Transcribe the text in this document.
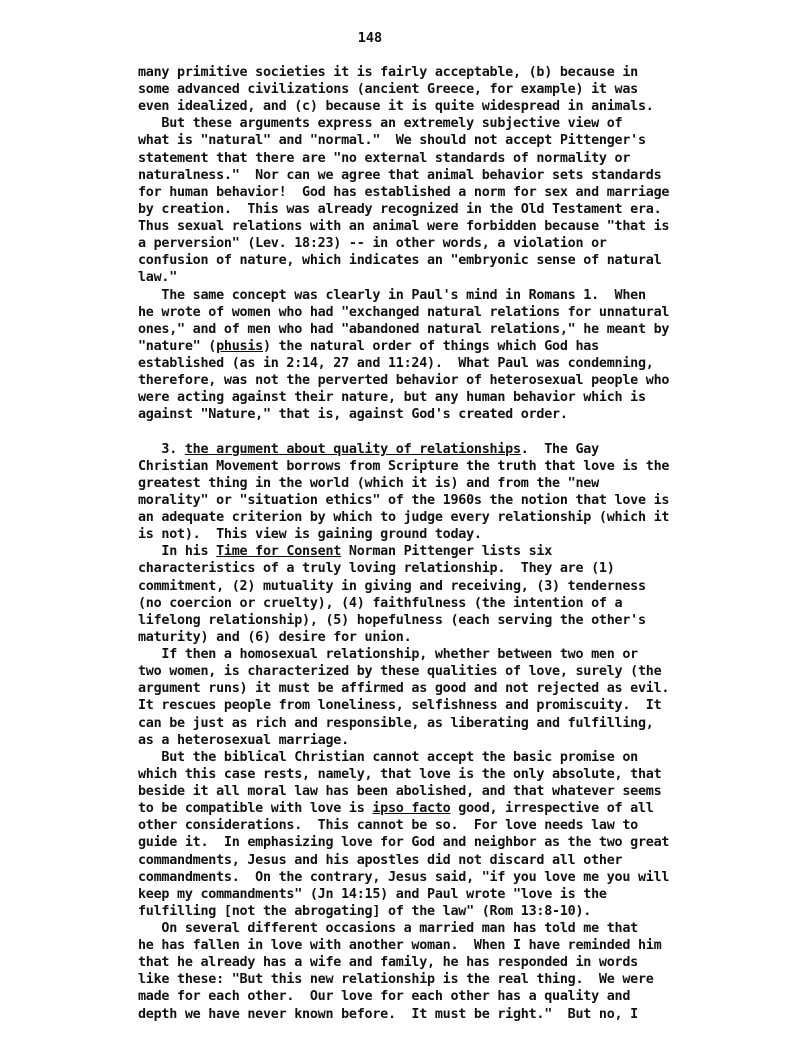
148
many primitive societies it is fairly acceptable, (b) because in
some advanced civilizations (ancient Greece, for example) it was
even idealized, and (c) because it is quite widespread in animals.
But these arguments express an extremely subjective view of
what is "natural" and "normal."  We should not accept Pittenger's
statement that there are "no external standards of normality or
naturalness."  Nor can we agree that animal behavior sets standards
for human behavior!  God has established a norm for sex and marriage
by creation.  This was already recognized in the Old Testament era.
Thus sexual relations with an animal were forbidden because "that is
a perversion" (Lev. 18:23) -- in other words, a violation or
confusion of nature, which indicates an "embryonic sense of natural
law."
The same concept was clearly in Paul's mind in Romans 1.  When
he wrote of women who had "exchanged natural relations for unnatural
ones," and of men who had "abandoned natural relations," he meant by
"nature" (phusis) the natural order of things which God has
established (as in 2:14, 27 and 11:24).  What Paul was condemning,
therefore, was not the perverted behavior of heterosexual people who
were acting against their nature, but any human behavior which is
against "Nature," that is, against God's created order.
3. the argument about quality of relationships.  The Gay
Christian Movement borrows from Scripture the truth that love is the
greatest thing in the world (which it is) and from the "new
morality" or "situation ethics" of the 1960s the notion that love is
an adequate criterion by which to judge every relationship (which it
is not).  This view is gaining ground today.
In his Time for Consent Norman Pittenger lists six
characteristics of a truly loving relationship.  They are (1)
commitment, (2) mutuality in giving and receiving, (3) tenderness
(no coercion or cruelty), (4) faithfulness (the intention of a
lifelong relationship), (5) hopefulness (each serving the other's
maturity) and (6) desire for union.
If then a homosexual relationship, whether between two men or
two women, is characterized by these qualities of love, surely (the
argument runs) it must be affirmed as good and not rejected as evil.
It rescues people from loneliness, selfishness and promiscuity.  It
can be just as rich and responsible, as liberating and fulfilling,
as a heterosexual marriage.
But the biblical Christian cannot accept the basic promise on
which this case rests, namely, that love is the only absolute, that
beside it all moral law has been abolished, and that whatever seems
to be compatible with love is ipso facto good, irrespective of all
other considerations.  This cannot be so.  For love needs law to
guide it.  In emphasizing love for God and neighbor as the two great
commandments, Jesus and his apostles did not discard all other
commandments.  On the contrary, Jesus said, "if you love me you will
keep my commandments" (Jn 14:15) and Paul wrote "love is the
fulfilling [not the abrogating] of the law" (Rom 13:8-10).
On several different occasions a married man has told me that
he has fallen in love with another woman.  When I have reminded him
that he already has a wife and family, he has responded in words
like these: "But this new relationship is the real thing.  We were
made for each other.  Our love for each other has a quality and
depth we have never known before.  It must be right."  But no, I
